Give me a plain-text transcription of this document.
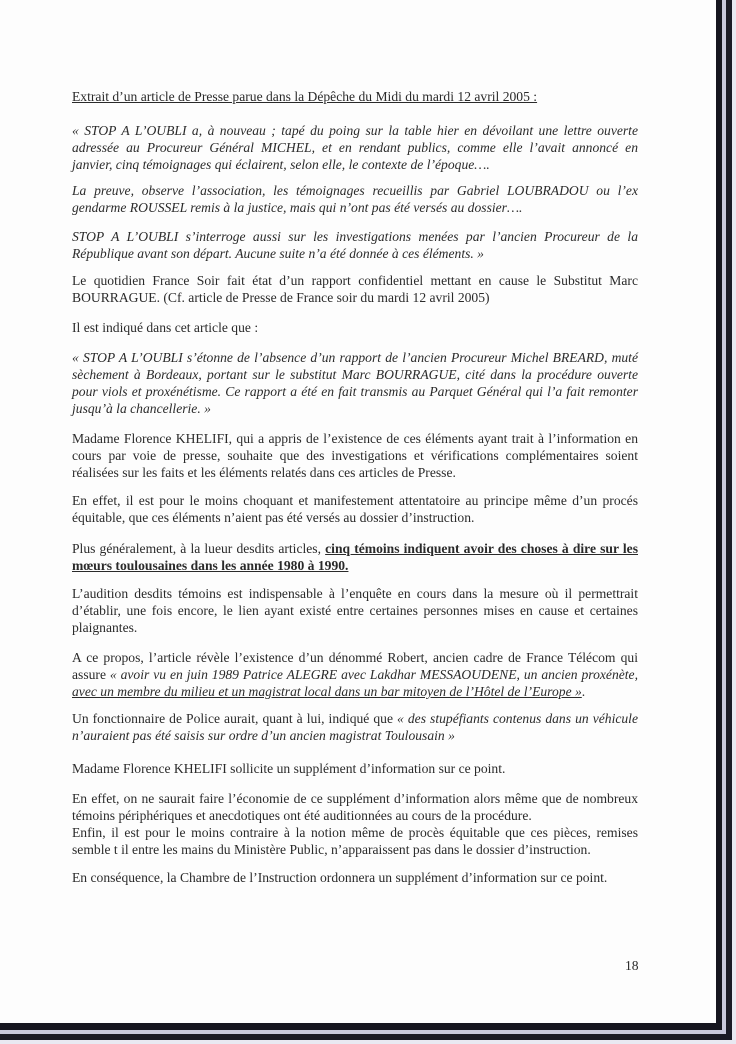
Extrait d’un article de Presse parue dans la Dépêche du Midi du mardi 12 avril 2005 :
« STOP A L’OUBLI a, à nouveau ; tapé du poing sur la table hier en dévoilant une lettre ouverte
adressée au Procureur Général MICHEL, et en rendant publics, comme elle l’avait annoncé en
janvier, cinq témoignages qui éclairent, selon elle, le contexte de l’époque….
La preuve, observe l’association, les témoignages recueillis par Gabriel LOUBRADOU ou l’ex
gendarme ROUSSEL remis à la justice, mais qui n’ont pas été versés au dossier….
STOP A L’OUBLI s’interroge aussi sur les investigations menées par l’ancien Procureur de la
République avant son départ. Aucune suite n’a été donnée à ces éléments. »
Le quotidien France Soir fait état d’un rapport confidentiel mettant en cause le Substitut Marc
BOURRAGUE. (Cf. article de Presse de France soir du mardi 12 avril 2005)
Il est indiqué dans cet article que :
« STOP A L’OUBLI s’étonne de l’absence d’un rapport de l’ancien Procureur Michel BREARD, muté
sèchement à Bordeaux, portant sur le substitut Marc BOURRAGUE, cité dans la procédure ouverte
pour viols et proxénétisme. Ce rapport a été en fait transmis au Parquet Général qui l’a fait remonter
jusqu’à la chancellerie. »
Madame Florence KHELIFI, qui a appris de l’existence de ces éléments ayant trait à l’information en
cours par voie de presse, souhaite que des investigations et vérifications complémentaires soient
réalisées sur les faits et les éléments relatés dans ces articles de Presse.
En effet, il est pour le moins choquant et manifestement attentatoire au principe même d’un procés
équitable, que ces éléments n’aient pas été versés au dossier d’instruction.
Plus généralement, à la lueur desdits articles, cinq témoins indiquent avoir des choses à dire sur les
mœurs toulousaines dans les année 1980 à 1990.
L’audition desdits témoins est indispensable à l’enquête en cours dans la mesure où il permettrait
d’établir, une fois encore, le lien ayant existé entre certaines personnes mises en cause et certaines
plaignantes.
A ce propos, l’article révèle l’existence d’un dénommé Robert, ancien cadre de France Télécom qui
assure « avoir vu en juin 1989 Patrice ALEGRE avec Lakdhar MESSAOUDENE, un ancien proxénète,
avec un membre du milieu et un magistrat local dans un bar mitoyen de l’Hôtel de l’Europe ».
Un fonctionnaire de Police aurait, quant à lui, indiqué que « des stupéfiants contenus dans un véhicule
n’auraient pas été saisis sur ordre d’un ancien magistrat Toulousain »
Madame Florence KHELIFI sollicite un supplément d’information sur ce point.
En effet, on ne saurait faire l’économie de ce supplément d’information alors même que de nombreux
témoins périphériques et anecdotiques ont été auditionnées au cours de la procédure.
Enfin, il est pour le moins contraire à la notion même de procès équitable que ces pièces, remises
semble t il entre les mains du Ministère Public, n’apparaissent pas dans le dossier d’instruction.
En conséquence, la Chambre de l’Instruction ordonnera un supplément d’information sur ce point.
18
